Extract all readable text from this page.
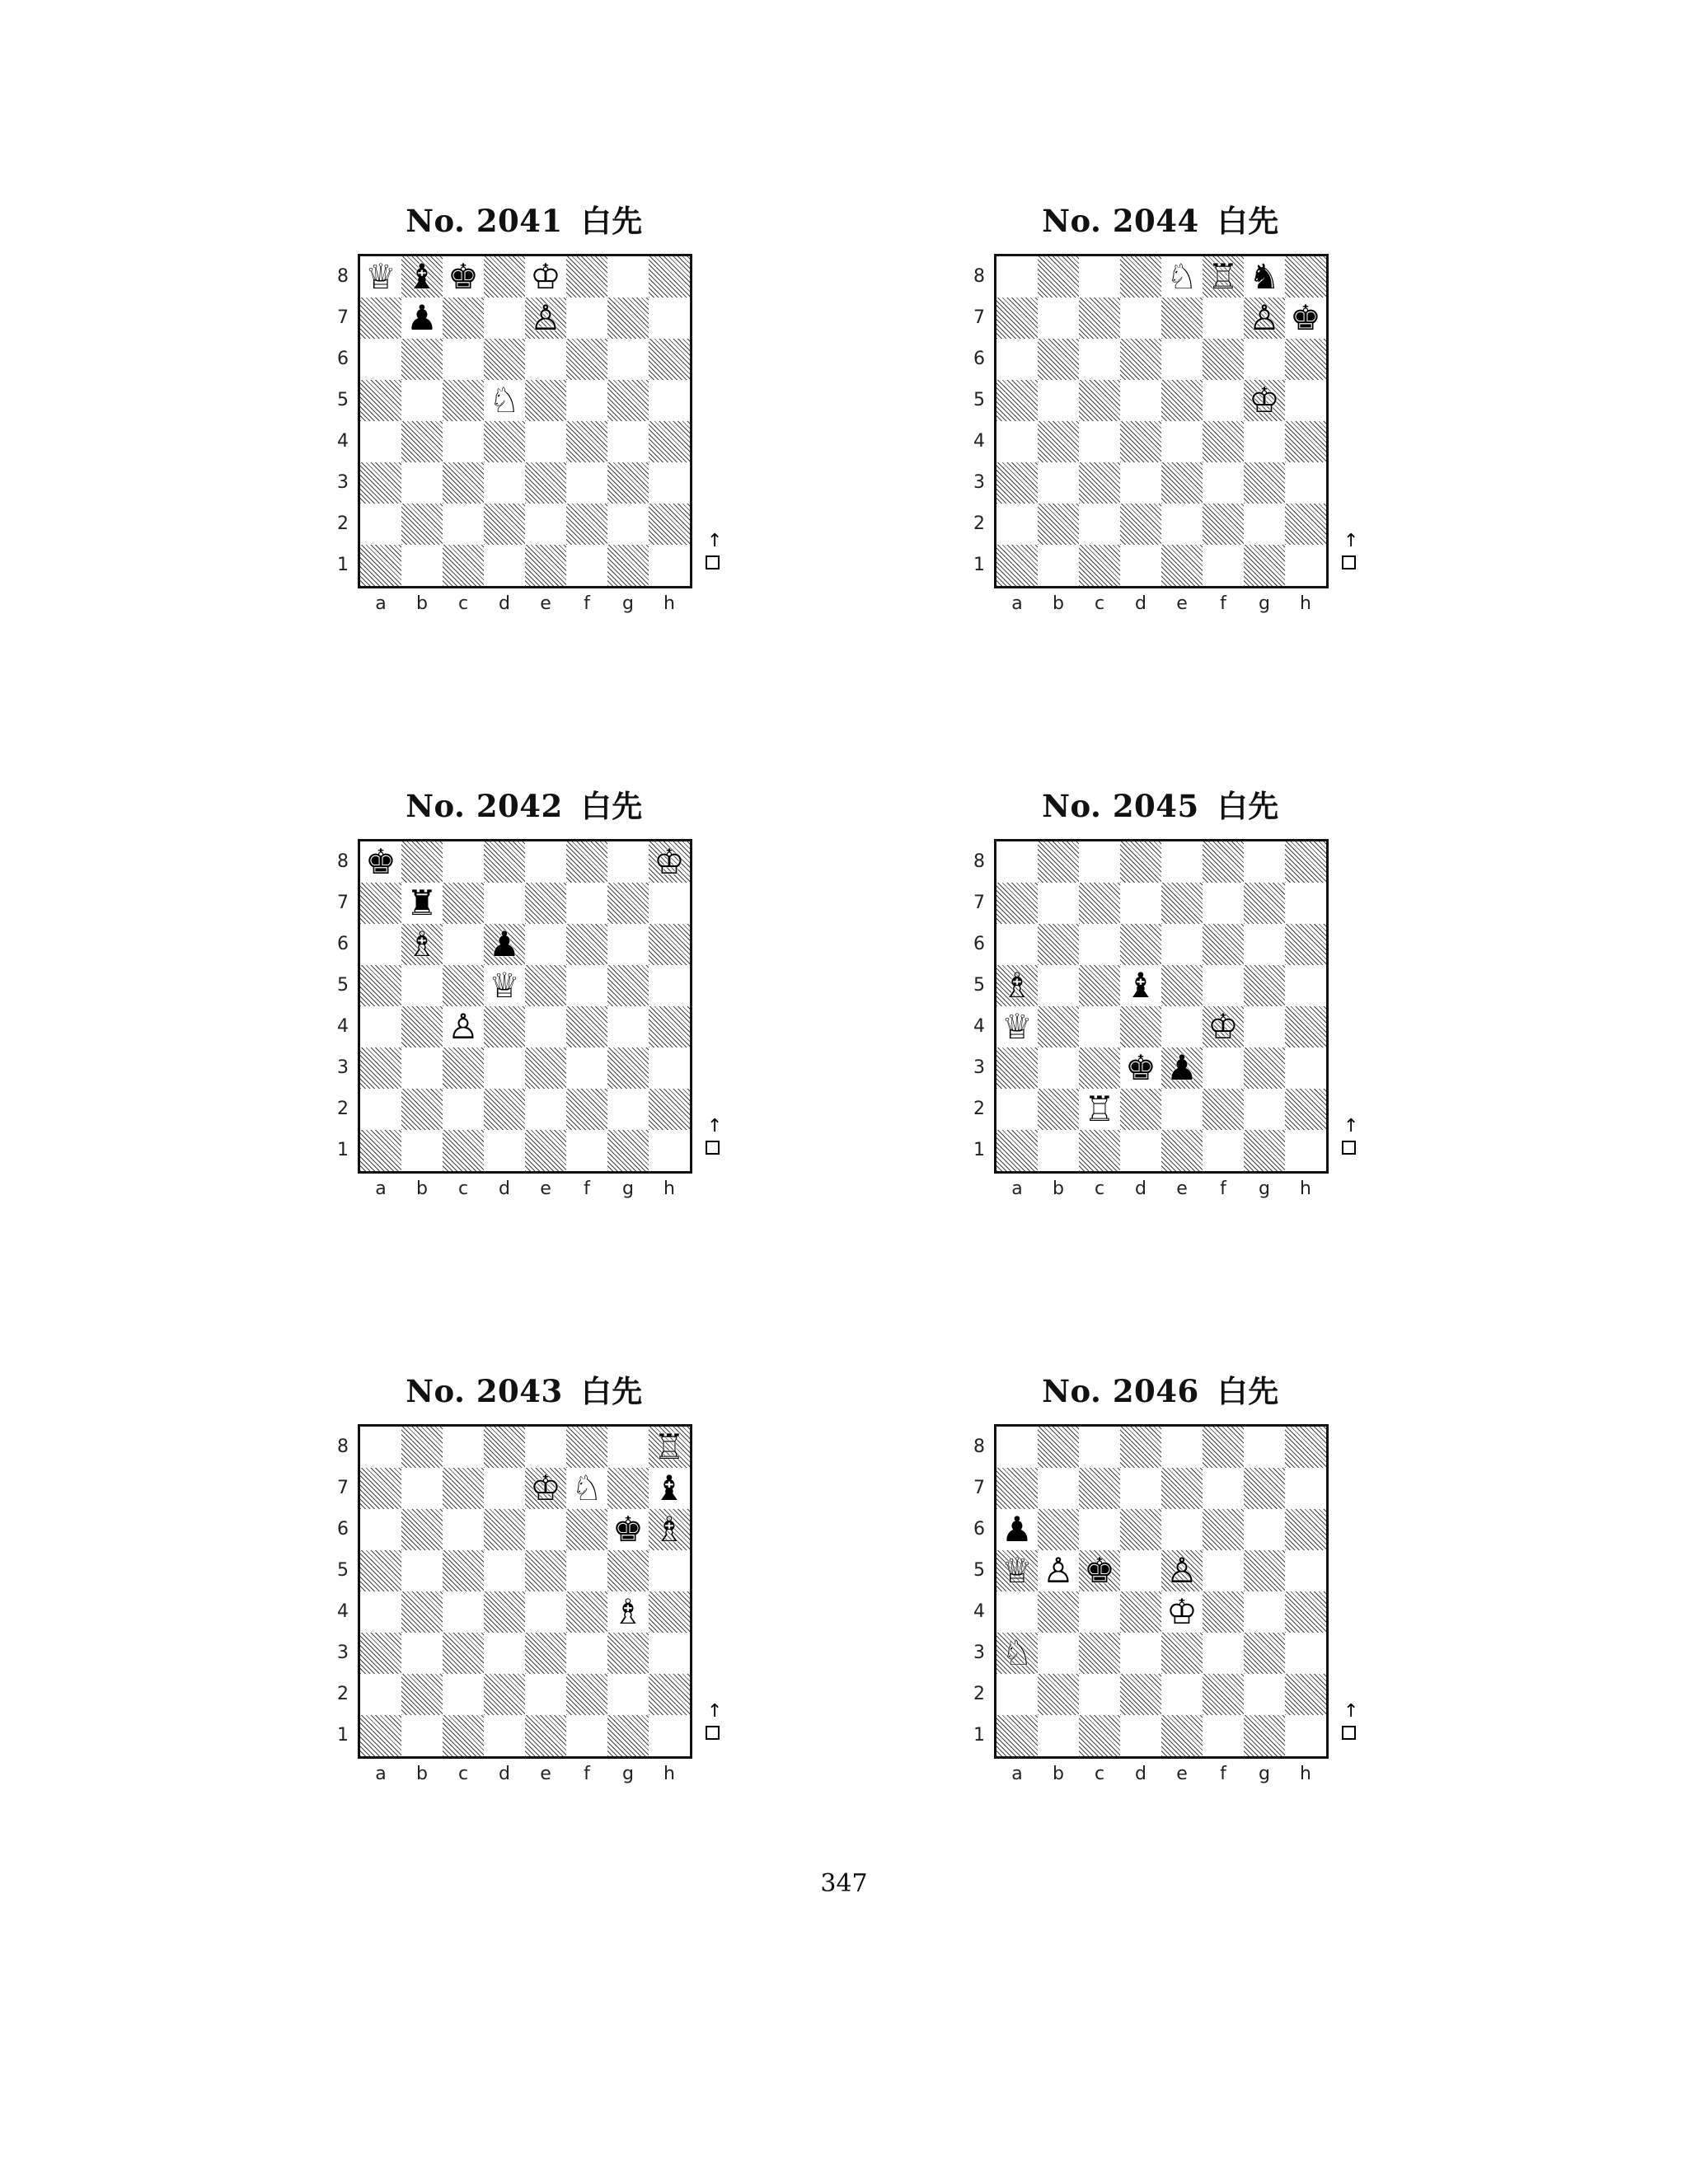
No. 2041 白先
♕ ♝ ♚ ♔
♟	♙
♘
8
7
6
5
4
3
2
1
a	b	c	d	e	f	g	h
↑
No. 2042 白先
♚	♔
♜
♗ ♟
♕
♙
8
7
6
5
4
3
2
1
a	b	c	d	e	f	g	h
↑
No. 2043 白先
♖
♔ ♘ ♝
♚ ♗
♗
8
7
6
5
4
3
2
1
a	b	c	d	e	f	g	h
↑
No. 2044 白先
♘ ♖ ♞
♙ ♚
♔
8
7
6
5
4
3
2
1
a	b	c	d	e	f	g	h
↑
No. 2045 白先
♗	♝
♕	♔
♚ ♟
♖
8
7
6
5
4
3
2
1
a	b	c	d	e	f	g	h
↑
No. 2046 白先
♟
♕ ♙ ♚ ♙
♔
♘
8
7
6
5
4
3
2
1
a	b	c	d	e	f	g	h
↑
347
